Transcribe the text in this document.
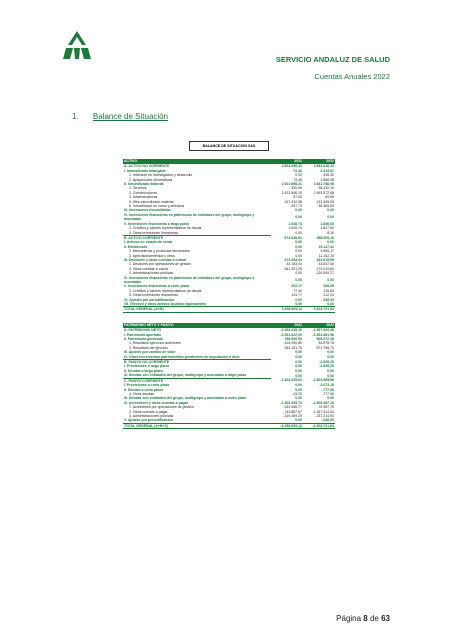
SERVICIO ANDALUZ DE SALUD
Cuentas Anuales 2022
1. Balance de Situación
BALANCE DE SITUACIÓN SAS
ACTIVO	2021	2022
A. ACTIVO NO CORRIENTE	2.623.256,33	2.843.416,34
I. Inmovilizado Intangible	73,45	2.313,57
1. Inversión en investigación y desarrollo	0,00	445,49
2. Aplicaciones informáticas	73,45	1.868,08
II. Inmovilizado material	2.621.698,21	2.841.788,95
1. Terrenos	330,06	38.432,10
2. Construcciones	2.423.596,20	2.593.572,68
3. Infraestructuras	57,63	69,59
5. Otro inmovilizado material	197.432,58	213.349,05
6. Inmovilizado en curso y anticipos	297,73	35.365,54
III. Inversiones inmobiliarias	0,00	0,00
IV. Inversiones financieras en patrimonio de entidades del grupo, multigrupo y asociadas	0,00	0,00
V. Inversiones financieras a largo plazo	1.528,74	1.836,00
2. Créditos y valores representativos de deuda	1.528,74	1.827,90
4. Otras inversiones financieras	0,00	8,10
B. ACTIVO CORRIENTE	673.048,81	358.005,10
I. Activos en estado de venta	0,00	0,00
II. Existencias	0,00	15.117,41
2. Mercaderías y productos terminados	0,00	3.955,17
3. Aprovisionamientos y otros	0,00	11.162,24
III. Deudores y otras cuentas a cobrar	673.494,94	342.615,95
1. Deudores por operaciones de gestión	32.183,40	33.647,06
2. Otras cuentas a cobrar	641.301,25	179.419,63
3. Administraciones públicas	0,00	129.549,27
IV. Inversiones financieras en patrimonio de entidades del grupo, multigrupo y asociadas	0,00	0,00
V. Inversiones financieras a corto plazo	202,17	328,08
2. Créditos y valores representativos de deuda	77,40	115,84
4. Otras inversiones financieras	124,77	212,24
VI. Ajustes por periodificación	0,00	349,33
VII. Efectivo y otros activos líquidos equivalentes	0,00	0,00
TOTAL GENERAL (A+B)	3.296.605,14	3.204.721,64
PATRIMONIO NETO Y PASIVO	2021	2022
A. PATRIMONIO NETO	-2.093.435,10	-1.597.309,46
I. Patrimonio aportado	-2.251.322,00	-2.503.561,98
II. Patrimonio generado	158.900,90	906.272,48
1. Resultado ejercicios anteriores	-104.250,85	34.575,76
2. Resultado del ejercicio	263.151,75	871.796,70
III. Ajustes por cambio de valor	0,00	0,00
IV. Otros incrementos patrimoniales pendientes de imputación a rdos.	0,00	0,00
B. PASIVO NO CORRIENTE	0,00	-2.826,20
I. Provisiones a largo plazo	0,00	-2.826,20
II. Deudas a largo plazo	0,00	0,00
III. Deudas con entidades del grupo, multigrupo y asociadas a largo plazo	0,00	0,00
C. PASIVO CORRIENTE	-1.204.335,03	-1.604.585,98
I. Provisiones a corto plazo	0,00	-3.073,15
II. Deudas a corto plazo	0,00	-777,50
4. Otras deudas	-13,29	-777,50
III. Deudas con entidades del grupo, multigrupo y asociadas a corto plazo	0,00	0,00
IV. Acreedores y otras cuentas a pagar	-1.204.335,73	-1.600.487,33
1. Acreedores por operaciones de gestión	-242.066,77	-75.957,76
2. Otras cuentas a pagar	-743.887,67	-1.287.314,64
3. Administraciones públicas	-219.369,29	-237.214,93
V. Ajustes por periodificación	0,00	-248,00
TOTAL GENERAL (A+B+C)	-3.296.605,14	-3.204.721,64
Página 8 de 63
